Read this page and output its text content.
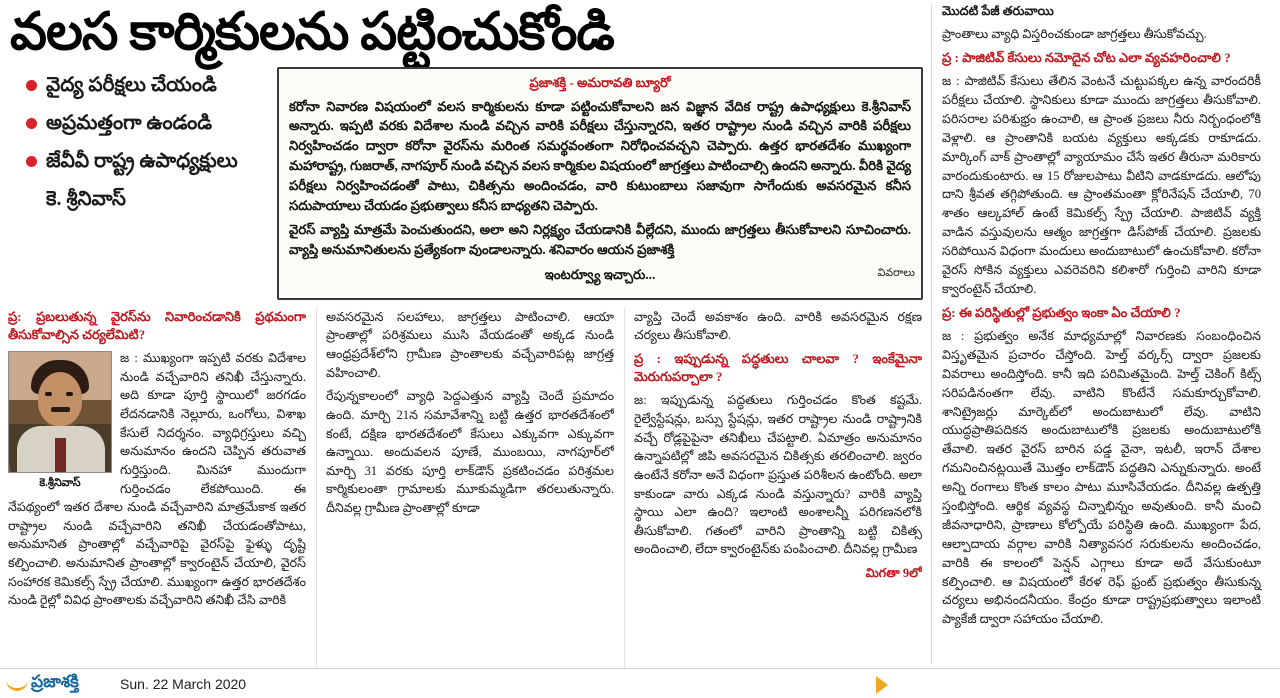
వలస కార్మికులను పట్టించుకోండి
వైద్య పరీక్షలు చేయండి
అప్రమత్తంగా ఉండండి
జేవీవీ రాష్ట్ర ఉపాధ్యక్షులు
కె. శ్రీనివాస్
ప్రజాశక్తి - అమరావతి బ్యూరో

కరోనా నివారణ విషయంలో వలస కార్మికులను కూడా పట్టించుకోవాలని జన విజ్ఞాన వేదిక రాష్ట్ర ఉపాధ్యక్షులు కె.శ్రీనివాస్ అన్నారు. ఇప్పటి వరకు విదేశాల నుండి వచ్చిన వారికి పరీక్షలు చేస్తున్నారని, ఇతర రాష్ట్రాల నుండి వచ్చిన వారికి పరీక్షలు నిర్వహించడం ద్వారా కరోనా వైరస్‌ను మరింత సమర్థవంతంగా నిరోధించవచ్చని చెప్పారు. ఉత్తర భారతదేశం ముఖ్యంగా మహారాష్ట్ర, గుజరాత్, నాగపూర్ నుండి వచ్చిన వలస కార్మికుల విషయంలో జాగ్రత్తలు పాటించాల్సి ఉందని అన్నారు. వీరికి వైద్య పరీక్షలు నిర్వహించడంతో పాటు, చికిత్సను అందించడం, వారి కుటుంబాలు సజావుగా సాగేందుకు అవసరమైన కనీస సదుపాయాలు చేయడం ప్రభుత్వాలు కనీస బాధ్యతని చెప్పారు.

వైరస్ వ్యాప్తి మాత్రమే పెంచుతుందని, అలా అని నిర్లక్ష్యం చేయడానికి వీల్లేదని, ముందు జాగ్రత్తలు తీసుకోవాలని సూచించారు. వ్యాప్తి అనుమానితులను ప్రత్యేకంగా వుండాలన్నారు. శనివారం ఆయన ప్రజాశక్తి

ఇంటర్వ్యూ ఇచ్చారు...	వివరాలు

ప్ర: ప్రబలుతున్న వైరస్‌ను నివారించడానికి ప్రథమంగా తీసుకోవాల్సిన చర్యలేమిటి?

కె.శ్రీనివాస్

జ : ముఖ్యంగా ఇప్పటి వరకు విదేశాల నుండి వచ్చేవారిని తనిఖీ చేస్తున్నారు. అది కూడా పూర్తి స్థాయిలో జరగడం లేదనడానికి నెల్లూరు, ఒంగోలు, విశాఖ కేసులే నిదర్శనం. వ్యాధిగ్రస్తులు వచ్చి అనుమానం ఉందని చెప్పిన తరువాత గుర్తిస్తుంది. మినహా ముందుగా గుర్తించడం లేకపోయింది. ఈ నేపథ్యంలో ఇతర దేశాల నుండి వచ్చేవారిని మాత్రమేకాక ఇతర రాష్ట్రాల నుండి వచ్చేవారిని తనిఖీ చేయడంతోపాటు, అనుమానిత ప్రాంతాల్లో వచ్చేవారిపై వైరస్‌పై ఫైళ్ళు దృష్టి కల్పించాలి. అనుమానిత ప్రాంతాల్లో క్వారంటైన్ చేయాలి, వైరస్ సంహారక కెమికల్స్ స్ప్రే చేయాలి. ముఖ్యంగా ఉత్తర భారతదేశం నుండి రైల్లో వివిధ ప్రాంతాలకు వచ్చేవారిని తనిఖీ చేసి వారికి

అవసరమైన సలహాలు, జాగ్రత్తలు పాటించాలి. ఆయా ప్రాంతాల్లో పరిశ్రమలు ముసి వేయడంతో అక్కడ నుండి ఆంధ్రప్రదేశ్‌లోని గ్రామీణ ప్రాంతాలకు వచ్చేవారిపట్ల జాగ్రత్త వహించాలి.

రేపున్నకాలంలో వ్యాధి పెద్దఎత్తున వ్యాప్తి చెందే ప్రమాదం ఉంది. మార్చి 21న సమావేశాన్ని బట్టి ఉత్తర భారతదేశంలో కంటే, దక్షిణ భారతదేశంలో కేసులు ఎక్కువగా ఎక్కువగా ఉన్నాయి. అందువలన పూణే, ముంబయి, నాగపూర్‌లో మార్చి 31 వరకు పూర్తి లాక్‌డౌన్ ప్రకటించడం పరిశ్రమల కార్మికులంతా గ్రామాలకు మూకుమ్మడిగా తరలుతున్నారు. దీనివల్ల గ్రామీణ ప్రాంతాల్లో కూడా

వ్యాప్తి చెందే అవకాశం ఉంది. వారికి అవసరమైన రక్షణ చర్యలు తీసుకోవాలి.

ప్ర : ఇప్పుడున్న పద్ధతులు చాలవా ? ఇంకేమైనా మెరుగుపర్చాలా ?

జ: ఇప్పుడున్న పద్ధతులు గుర్తించడం కొంత కష్టమే. రైల్వేస్టేషన్లు, బస్సు స్టేషన్లు, ఇతర రాష్ట్రాల నుండి రాష్ట్రానికి వచ్చే రోడ్లపైపైనా తనిఖీలు చేపట్టాలి. ఏమాత్రం అనుమానం ఉన్నాపటిల్లో జిపి అవసరమైన చికిత్సకు తరలించాలి. జ్వరం ఉంటేనే కరోనా అనే విధంగా ప్రస్తుత పరిశీలన ఉంటోంది. అలా కాకుండా వారు ఎక్కడ నుండి వస్తున్నారు? వారికి వ్యాప్తి స్థాయి ఎలా ఉంది? ఇలాంటి అంశాలన్నీ పరిగణనలోకి తీసుకోవాలి. గతంలో వారిని ప్రాంతాన్ని బట్టి చికిత్స అందించాలి, లేదా క్వారంటైన్‌కు పంపించాలి. దీనివల్ల గ్రామీణ

మిగతా 9లో

మొదటి పేజీ తరువాయి

ప్రాంతాలు వ్యాధి విస్తరించకుండా జాగ్రత్తలు తీసుకోవచ్చు.

ప్ర : పాజిటివ్ కేసులు నమోదైన చోట ఎలా వ్యవహరించాలి ?

జ : పాజిటివ్ కేసులు తేలిన వెంటనే చుట్టుపక్కల ఉన్న వారందరికీ పరీక్షలు చేయాలి. స్థానికులు కూడా ముందు జాగ్రత్తలు తీసుకోవాలి. పరిసరాల పరిశుభ్రం ఉంచాలి, ఆ ప్రాంత ప్రజలు నీరు నిర్బంధంలోకి వెళ్లాలి. ఆ ప్రాంతానికి బయట వ్యక్తులు అక్కడకు రాకూడదు. మార్కింగ్ వాక్ ప్రాంతాల్లో వ్యాయామం చేసే ఇతర తీరునా మరికారు వారందుకుంటారు. ఆ 15 రోజులపాటు వీటిని వాడకూడదు. ఆలోపు దాని శ్రీవత తగ్గిపోతుంది. ఆ ప్రాంతమంతా క్లోరినేషన్ చేయాలి, 70 శాతం ఆల్కహాల్ ఉంటే కెమికల్స్ స్ప్రే చేయాలి. పాజిటివ్ వ్యక్తి వాడిన వస్తువులను ఆత్మం జాగ్రత్తగా డిస్‌పోజ్ చేయాలి. ప్రజలకు సరిపోయిన విధంగా మందులు అందుబాటులో ఉంచుకోవాలి. కరోనా వైరస్ సోకిన వ్యక్తులు ఎవరెవరిని కలిశారో గుర్తించి వారిని కూడా క్వారంటైన్ చేయాలి.

ప్ర: ఈ పరిస్థితుల్లో ప్రభుత్వం ఇంకా ఏం చేయాలి ?

జ : ప్రభుత్వం అనేక మాధ్యమాల్లో నివారణకు సంబంధించిన విస్తృతమైన ప్రచారం చేస్తోంది. హెల్త్ వర్కర్స్ ద్వారా ప్రజలకు వివరాలు అందిస్తోంది. కానీ ఇది పరిమితమైంది. హెల్త్ చెకింగ్ కిట్స్ సరిపడినంతగా లేవు. వాటిని కొంటేనే సమకూర్చుకోవాలి. శానిట్రైజర్లు మార్కెట్‌లో అందుబాటులో లేవు. వాటిని యుద్ధప్రాతిపదికన అందుబాటులోకి ప్రజలకు అందుబాటులోకి తేవాలి. ఇతర వైరస్ బారిన పడ్డ వైనా, ఇటలీ, ఇరాన్ దేశాల గమనించినట్లయితే మొత్తం లాక్‌డౌన్ పద్ధతిని ఎన్నుకున్నారు. అంటే అన్ని రంగాలు కొంత కాలం పాటు మూసివేయడం. దీనివల్ల ఉత్పత్తి స్తంభిస్తోంది. ఆర్థిక వ్యవస్థ చిన్నాభిన్నం అవుతుంది. కానీ మంచి జీవనాధారిని, ప్రాణాలు కోల్పోయే పరిస్థితి ఉంది. ముఖ్యంగా పేద, ఆల్పాదాయ వర్గాల వారికి నిత్యావసర సరుకులను అందించడం, వారికి ఈ కాలంలో పెన్షన్ ఎగ్గాలు కూడా అదే వేసుకుంటూ కల్పించాలి. ఆ విషయంలో కేరళ రెఫ్ ఫ్రంట్ ప్రభుత్వం తీసుకున్న చర్యలు అభినందనీయం. కేంద్రం కూడా రాష్ట్రప్రభుత్వాలు ఇలాంటి ప్యాకేజీ ద్వారా సహాయం చేయాలి.

ప్రజాశక్తి	Sun. 22 March 2020
